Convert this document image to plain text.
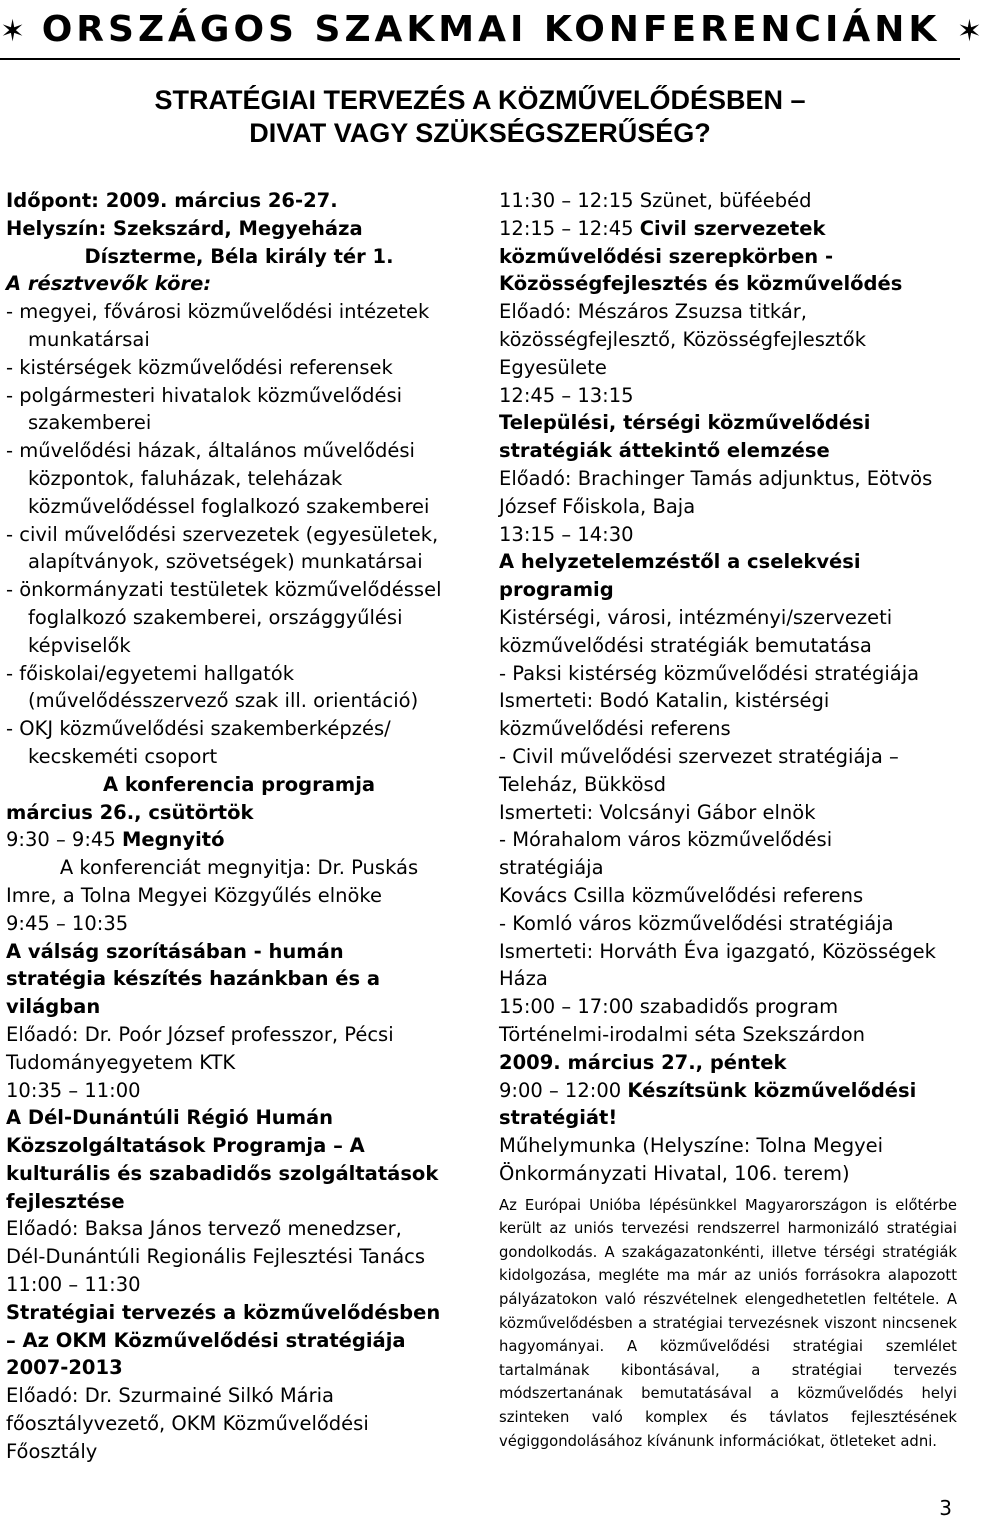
✶ ORSZÁGOS SZAKMAI KONFERENCIÁNK ✶
STRATÉGIAI TERVEZÉS A KÖZMŰVELŐDÉSBEN –
DIVAT VAGY SZÜKSÉGSZERŰSÉG?
Időpont: 2009. március 26-27.
Helyszín: Szekszárd, Megyeháza
Díszterme, Béla király tér 1.
A résztvevők köre:
- megyei, fővárosi közművelődési intézetek
munkatársai
- kistérségek közművelődési referensek
- polgármesteri hivatalok közművelődési
szakemberei
- művelődési házak, általános művelődési
központok, faluházak, teleházak
közművelődéssel foglalkozó szakemberei
- civil művelődési szervezetek (egyesületek,
alapítványok, szövetségek) munkatársai
- önkormányzati testületek közművelődéssel
foglalkozó szakemberei, országgyűlési
képviselők
- főiskolai/egyetemi hallgatók
(művelődésszervező szak ill. orientáció)
- OKJ közművelődési szakemberképzés/
kecskeméti csoport
A konferencia programja
március 26., csütörtök
9:30 – 9:45 Megnyitó
A konferenciát megnyitja: Dr. Puskás
Imre, a Tolna Megyei Közgyűlés elnöke
9:45 – 10:35
A válság szorításában - humán
stratégia készítés hazánkban és a
világban
Előadó: Dr. Poór József professzor, Pécsi
Tudományegyetem KTK
10:35 – 11:00
A Dél-Dunántúli Régió Humán
Közszolgáltatások Programja – A
kulturális és szabadidős szolgáltatások
fejlesztése
Előadó: Baksa János tervező menedzser,
Dél-Dunántúli Regionális Fejlesztési Tanács
11:00 – 11:30
Stratégiai tervezés a közművelődésben
– Az OKM Közművelődési stratégiája
2007-2013
Előadó: Dr. Szurmainé Silkó Mária
főosztályvezető, OKM Közművelődési
Főosztály
11:30 – 12:15 Szünet, büféebéd
12:15 – 12:45 Civil szervezetek
közművelődési szerepkörben -
Közösségfejlesztés és közművelődés
Előadó: Mészáros Zsuzsa titkár,
közösségfejlesztő, Közösségfejlesztők
Egyesülete
12:45 – 13:15
Települési, térségi közművelődési
stratégiák áttekintő elemzése
Előadó: Brachinger Tamás adjunktus, Eötvös
József Főiskola, Baja
13:15 – 14:30
A helyzetelemzéstől a cselekvési
programig
Kistérségi, városi, intézményi/szervezeti
közművelődési stratégiák bemutatása
- Paksi kistérség közművelődési stratégiája
Ismerteti: Bodó Katalin, kistérségi
közművelődési referens
- Civil művelődési szervezet stratégiája –
Teleház, Bükkösd
Ismerteti: Volcsányi Gábor elnök
- Mórahalom város közművelődési
stratégiája
Kovács Csilla közművelődési referens
- Komló város közművelődési stratégiája
Ismerteti: Horváth Éva igazgató, Közösségek
Háza
15:00 – 17:00 szabadidős program
Történelmi-irodalmi séta Szekszárdon
2009. március 27., péntek
9:00 – 12:00 Készítsünk közművelődési
stratégiát!
Műhelymunka (Helyszíne: Tolna Megyei
Önkormányzati Hivatal, 106. terem)
Az Európai Unióba lépésünkkel Magyarországon is előtérbe került az uniós tervezési rendszerrel harmonizáló stratégiai gondolkodás. A szakágazatonkénti, illetve térségi stratégiák kidolgozása, megléte ma már az uniós forrásokra alapozott pályázatokon való részvételnek elengedhetetlen feltétele. A közművelődésben a stratégiai tervezésnek viszont nincsenek hagyományai. A közművelődési stratégiai szemlélet tartalmának kibontásával, a stratégiai tervezés módszertanának bemutatásával a közművelődés helyi szinteken való komplex és távlatos fejlesztésének végiggondolásához kívánunk információkat, ötleteket adni.
3
